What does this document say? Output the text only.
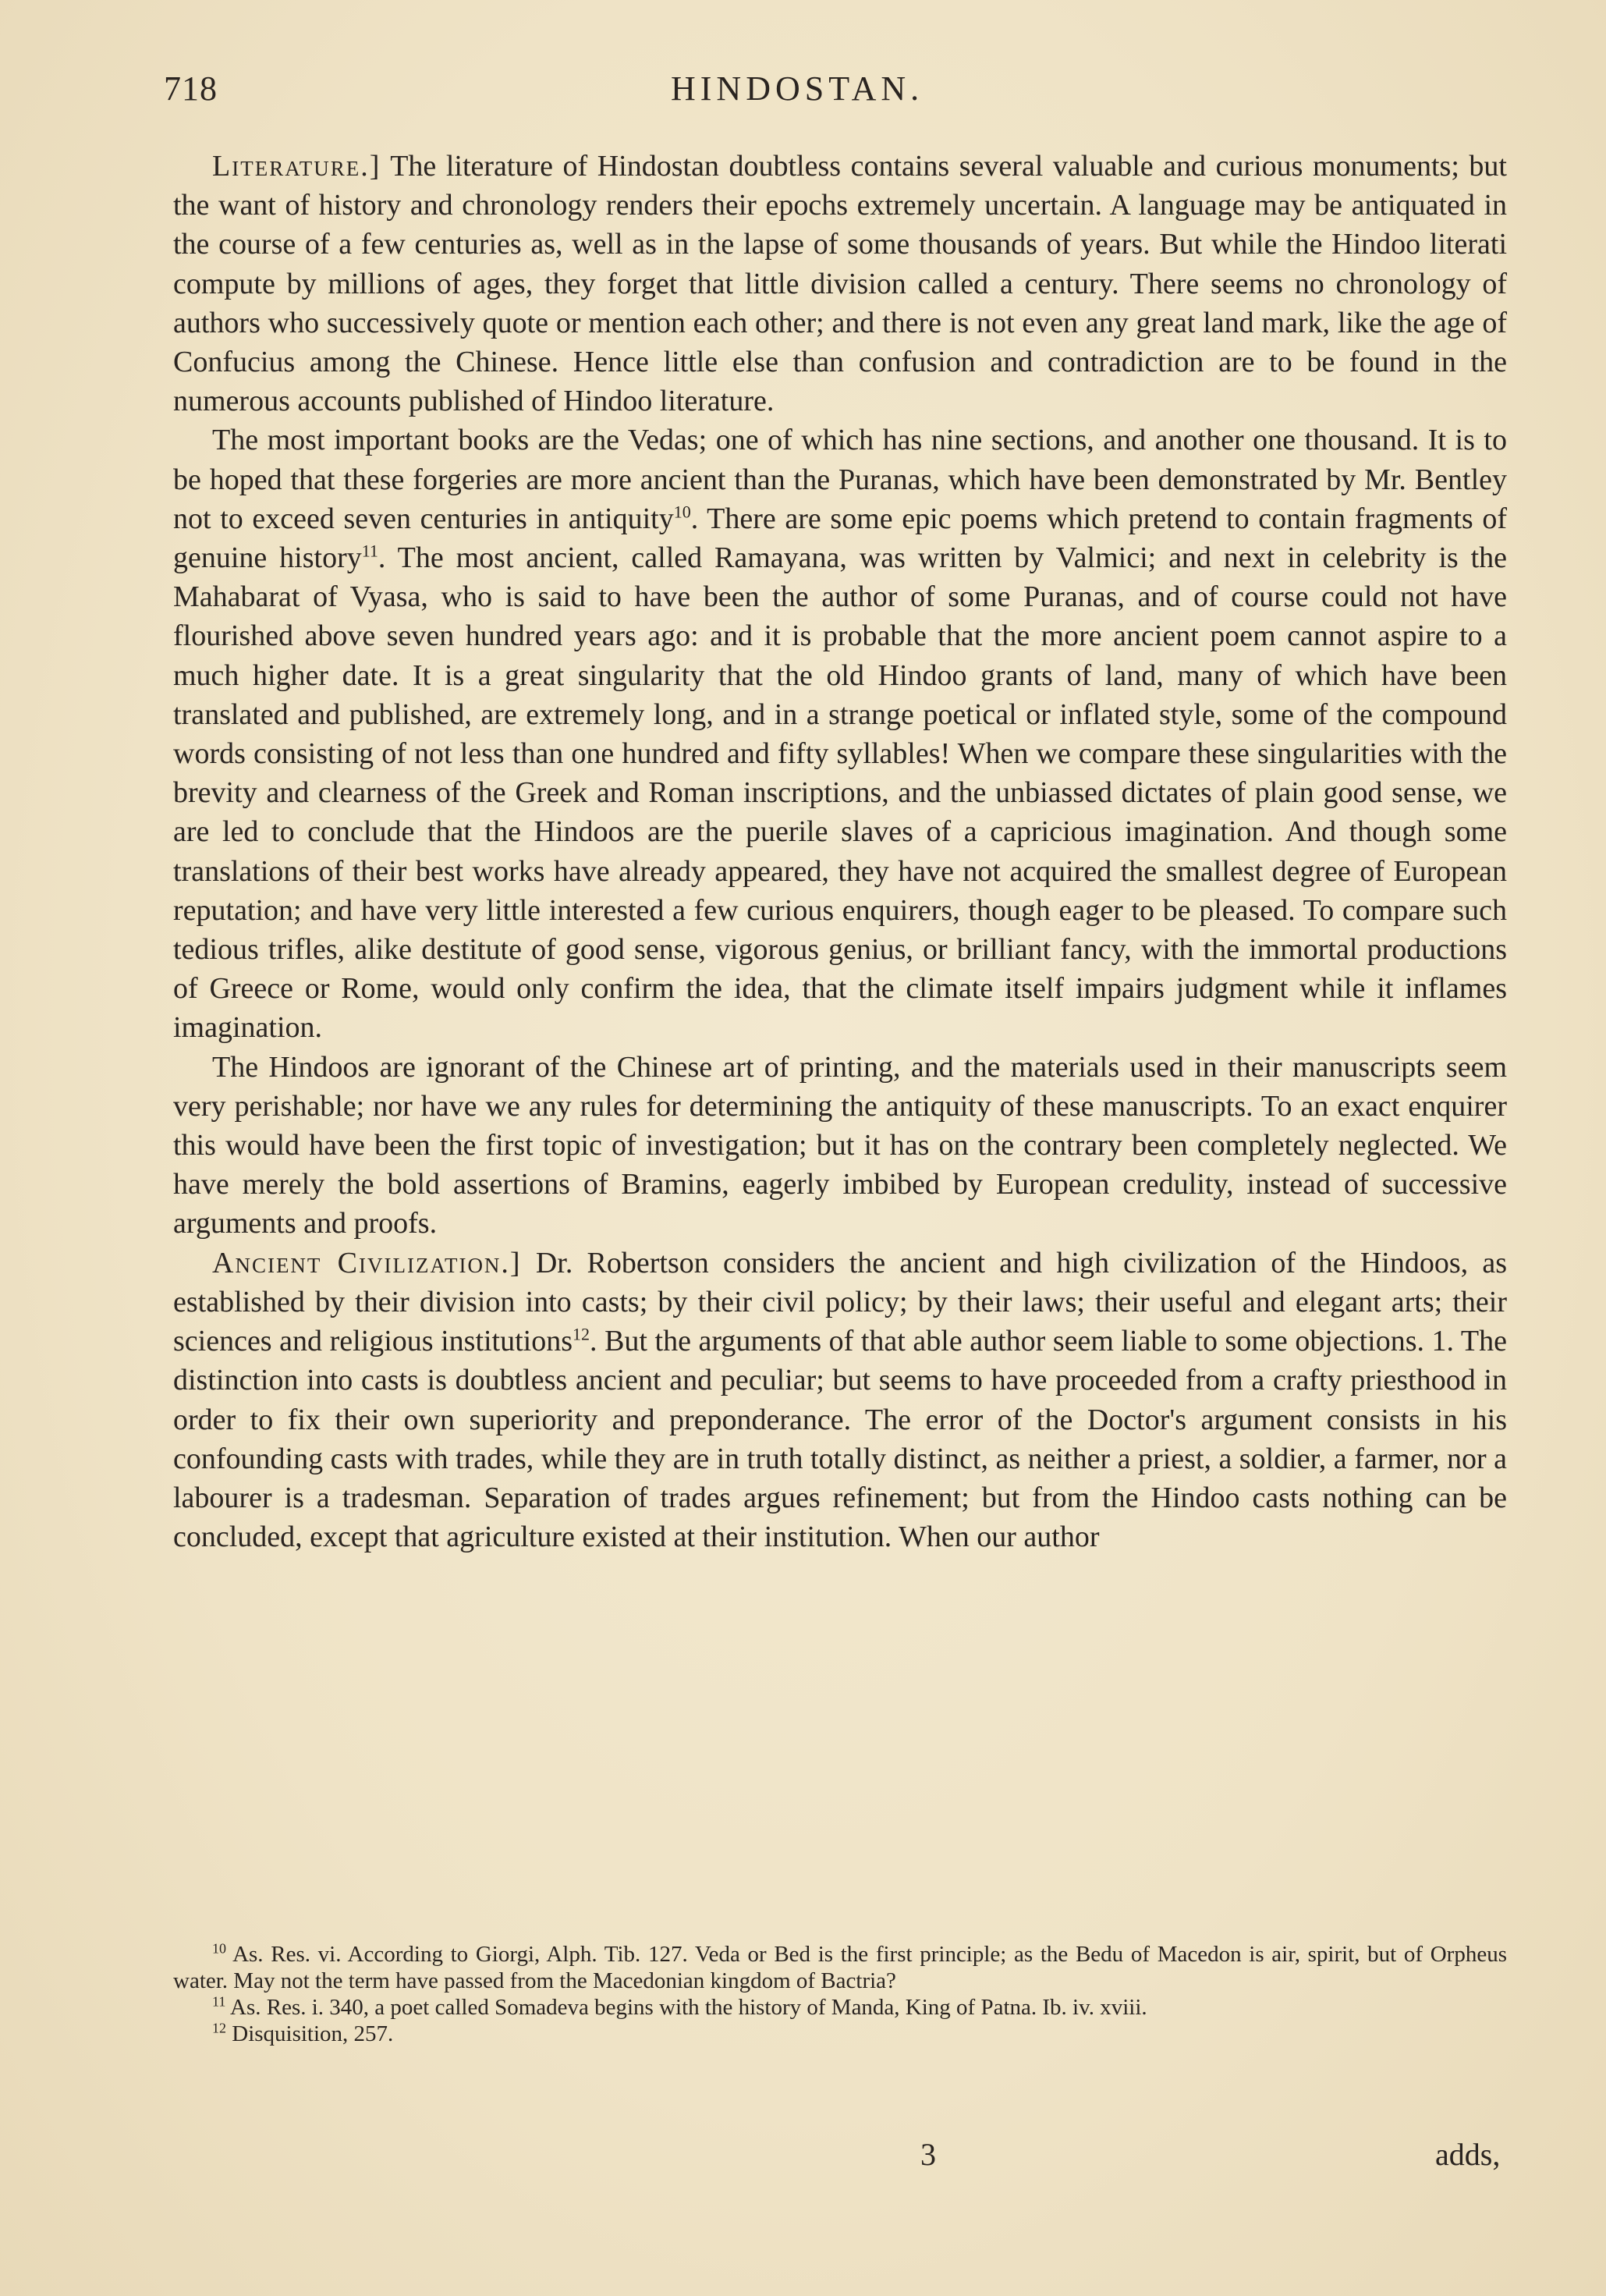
718	HINDOSTAN.

Literature.] The literature of Hindostan doubtless contains several valuable and curious monuments; but the want of history and chronology renders their epochs extremely uncertain. A language may be antiquated in the course of a few centuries as, well as in the lapse of some thousands of years. But while the Hindoo literati compute by millions of ages, they forget that little division called a century. There seems no chronology of authors who successively quote or mention each other; and there is not even any great land mark, like the age of Confucius among the Chinese. Hence little else than confusion and contradiction are to be found in the numerous accounts published of Hindoo literature.

The most important books are the Vedas; one of which has nine sections, and another one thousand. It is to be hoped that these forgeries are more ancient than the Puranas, which have been demonstrated by Mr. Bentley not to exceed seven centuries in antiquity$^{10}$. There are some epic poems which pretend to contain fragments of genuine history$^{11}$. The most ancient, called Ramayana, was written by Valmici; and next in celebrity is the Mahabarat of Vyasa, who is said to have been the author of some Puranas, and of course could not have flourished above seven hundred years ago: and it is probable that the more ancient poem cannot aspire to a much higher date. It is a great singularity that the old Hindoo grants of land, many of which have been translated and published, are extremely long, and in a strange poetical or inflated style, some of the compound words consisting of not less than one hundred and fifty syllables! When we compare these singularities with the brevity and clearness of the Greek and Roman inscriptions, and the unbiassed dictates of plain good sense, we are led to conclude that the Hindoos are the puerile slaves of a capricious imagination. And though some translations of their best works have already appeared, they have not acquired the smallest degree of European reputation; and have very little interested a few curious enquirers, though eager to be pleased. To compare such tedious trifles, alike destitute of good sense, vigorous genius, or brilliant fancy, with the immortal productions of Greece or Rome, would only confirm the idea, that the climate itself impairs judgment while it inflames imagination.

The Hindoos are ignorant of the Chinese art of printing, and the materials used in their manuscripts seem very perishable; nor have we any rules for determining the antiquity of these manuscripts. To an exact enquirer this would have been the first topic of investigation; but it has on the contrary been completely neglected. We have merely the bold assertions of Bramins, eagerly imbibed by European credulity, instead of successive arguments and proofs.

Ancient Civilization.] Dr. Robertson considers the ancient and high civilization of the Hindoos, as established by their division into casts; by their civil policy; by their laws; their useful and elegant arts; their sciences and religious institutions$^{12}$. But the arguments of that able author seem liable to some objections. 1. The distinction into casts is doubtless ancient and peculiar; but seems to have proceeded from a crafty priesthood in order to fix their own superiority and preponderance. The error of the Doctor's argument consists in his confounding casts with trades, while they are in truth totally distinct, as neither a priest, a soldier, a farmer, nor a labourer is a tradesman. Separation of trades argues refinement; but from the Hindoo casts nothing can be concluded, except that agriculture existed at their institution. When our author

$^{10}$ As. Res. vi. According to Giorgi, Alph. Tib. 127. Veda or Bed is the first principle; as the Bedu of Macedon is air, spirit, but of Orpheus water. May not the term have passed from the Macedonian kingdom of Bactria?

$^{11}$ As. Res. i. 340, a poet called Somadeva begins with the history of Manda, King of Patna. Ib. iv. xviii.

$^{12}$ Disquisition, 257.

3	adds,
